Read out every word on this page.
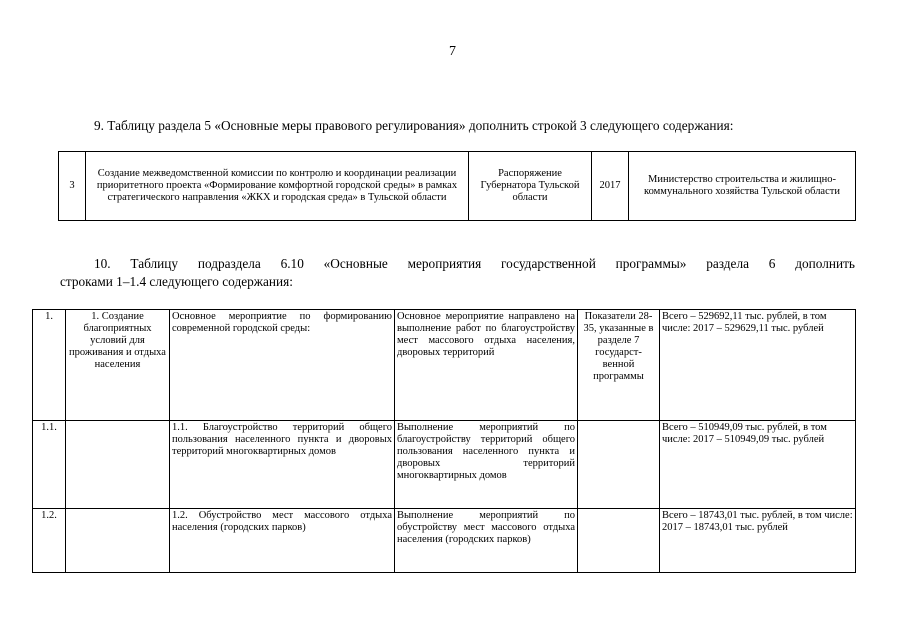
7
9. Таблицу раздела 5 «Основные меры правового регулирования» дополнить строкой 3 следующего содержания:
3	Создание межведомственной комиссии по контролю и координации реализации приоритетного проекта «Формирование комфортной городской среды» в рамках стратегического направления «ЖКХ и городская среда» в Тульской области	Распоряжение Губернатора Тульской области	2017	Министерство строительства и жилищно-коммунального хозяйства Тульской области
10. Таблицу подраздела 6.10 «Основные мероприятия государственной программы» раздела 6 дополнить
строками 1–1.4 следующего содержания:
1.	1. Создание благоприятных условий для проживания и отдыха населения	Основное мероприятие по формированию современной городской среды:	Основное мероприятие направлено на выполнение работ по благоустройству мест массового отдыха населения, дворовых территорий	Показатели 28-35, указанные в разделе 7 государст-венной программы	Всего – 529692,11 тыс. рублей, в том числе: 2017 – 529629,11 тыс. рублей
1.1.		1.1. Благоустройство территорий общего пользования населенного пункта и дворовых территорий многоквартирных домов	Выполнение мероприятий по благоустройству территорий общего пользования населенного пункта и дворовых территорий многоквартирных домов		Всего – 510949,09 тыс. рублей, в том числе: 2017 – 510949,09 тыс. рублей
1.2.		1.2. Обустройство мест массового отдыха населения (городских парков)	Выполнение мероприятий по обустройству мест массового отдыха населения (городских парков)		Всего – 18743,01 тыс. рублей, в том числе: 2017 – 18743,01 тыс. рублей
